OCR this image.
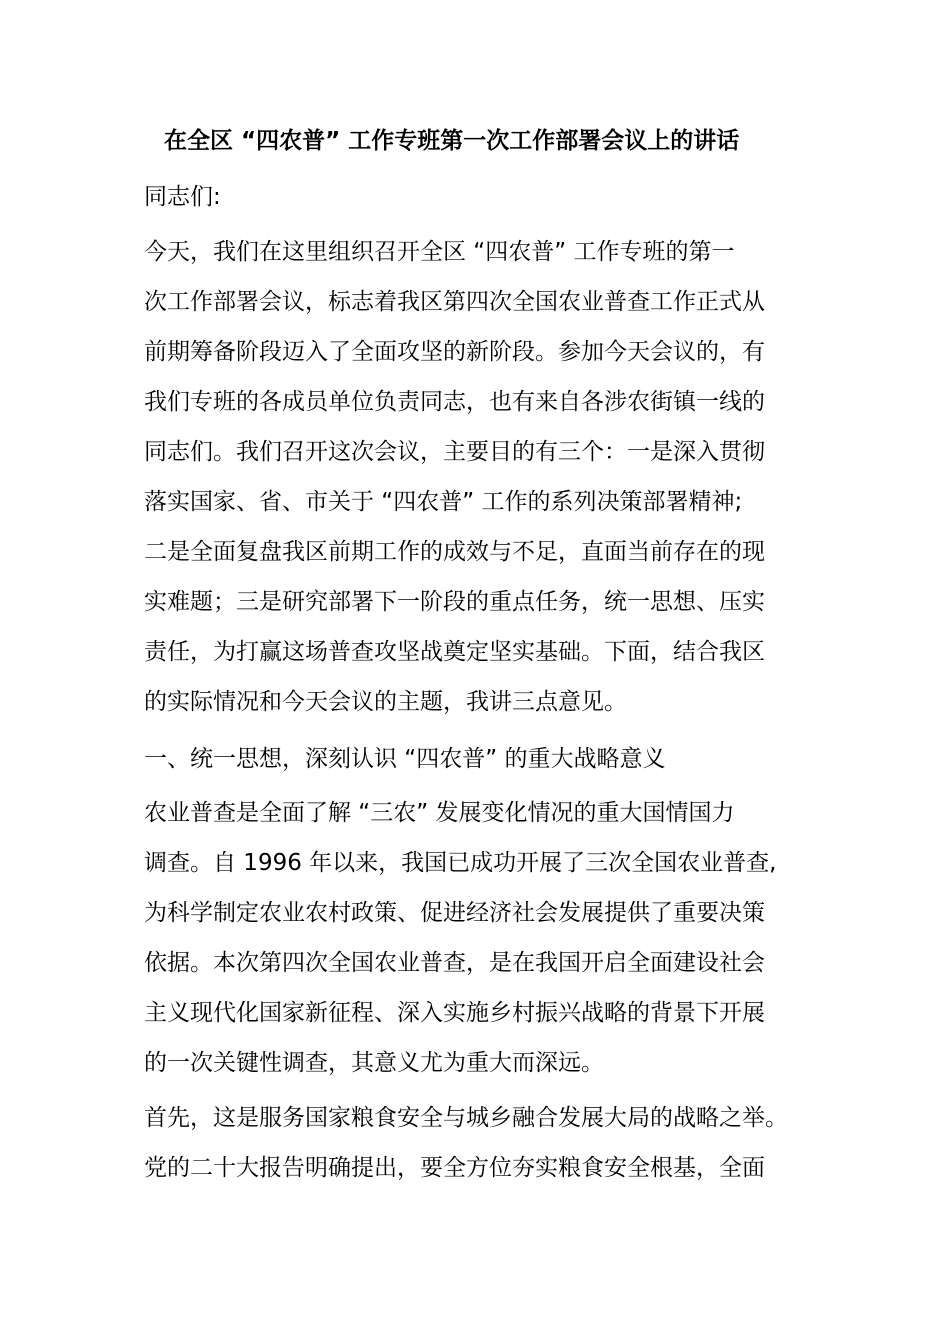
在全区 “四农普” 工作专班第一次工作部署会议上的讲话

同志们:

今天，我们在这里组织召开全区 “四农普” 工作专班的第一
次工作部署会议，标志着我区第四次全国农业普查工作正式从
前期筹备阶段迈入了全面攻坚的新阶段。参加今天会议的，有
我们专班的各成员单位负责同志，也有来自各涉农街镇一线的
同志们。我们召开这次会议，主要目的有三个：一是深入贯彻
落实国家、省、市关于 “四农普” 工作的系列决策部署精神;
二是全面复盘我区前期工作的成效与不足，直面当前存在的现
实难题；三是研究部署下一阶段的重点任务，统一思想、压实
责任，为打赢这场普查攻坚战奠定坚实基础。下面，结合我区
的实际情况和今天会议的主题，我讲三点意见。
一、统一思想，深刻认识 “四农普” 的重大战略意义
农业普查是全面了解 “三农” 发展变化情况的重大国情国力
调查。自 1996 年以来，我国已成功开展了三次全国农业普查,
为科学制定农业农村政策、促进经济社会发展提供了重要决策
依据。本次第四次全国农业普查，是在我国开启全面建设社会
主义现代化国家新征程、深入实施乡村振兴战略的背景下开展
的一次关键性调查，其意义尤为重大而深远。
首先，这是服务国家粮食安全与城乡融合发展大局的战略之举。
党的二十大报告明确提出，要全方位夯实粮食安全根基，全面
